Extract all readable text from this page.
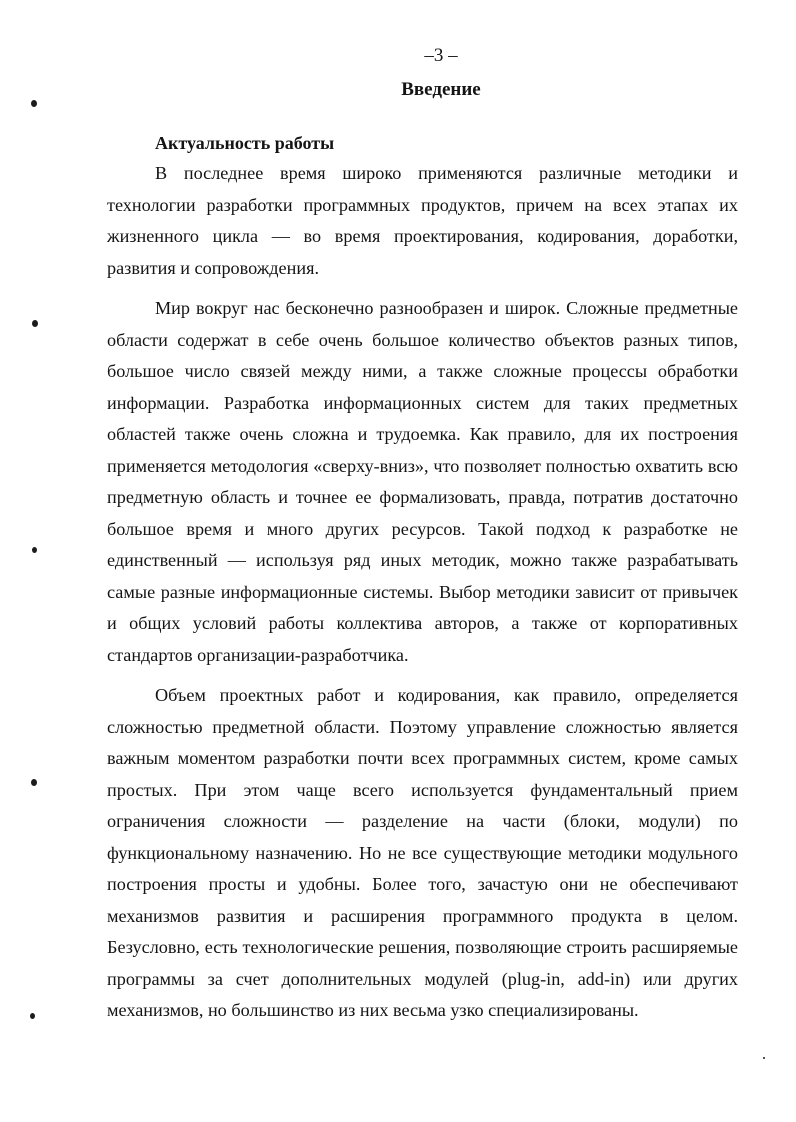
–3 –
Введение
Актуальность работы

В последнее время широко применяются различные методики и технологии разработки программных продуктов, причем на всех этапах их жизненного цикла — во время проектирования, кодирования, доработки, развития и сопровождения.

Мир вокруг нас бесконечно разнообразен и широк. Сложные предметные области содержат в себе очень большое количество объектов разных типов, большое число связей между ними, а также сложные процессы обработки информации. Разработка информационных систем для таких предметных областей также очень сложна и трудоемка. Как правило, для их построения применяется методология «сверху-вниз», что позволяет полностью охватить всю предметную область и точнее ее формализовать, правда, потратив достаточно большое время и много других ресурсов. Такой подход к разработке не единственный — используя ряд иных методик, можно также разрабатывать самые разные информационные системы. Выбор методики зависит от привычек и общих условий работы коллектива авторов, а также от корпоративных стандартов организации-разработчика.

Объем проектных работ и кодирования, как правило, определяется сложностью предметной области. Поэтому управление сложностью является важным моментом разработки почти всех программных систем, кроме самых простых. При этом чаще всего используется фундаментальный прием ограничения сложности — разделение на части (блоки, модули) по функциональному назначению. Но не все существующие методики модульного построения просты и удобны. Более того, зачастую они не обеспечивают механизмов развития и расширения программного продукта в целом. Безусловно, есть технологические решения, позволяющие строить расширяемые программы за счет дополнительных модулей (plug-in, add-in) или других механизмов, но большинство из них весьма узко специализированы.
